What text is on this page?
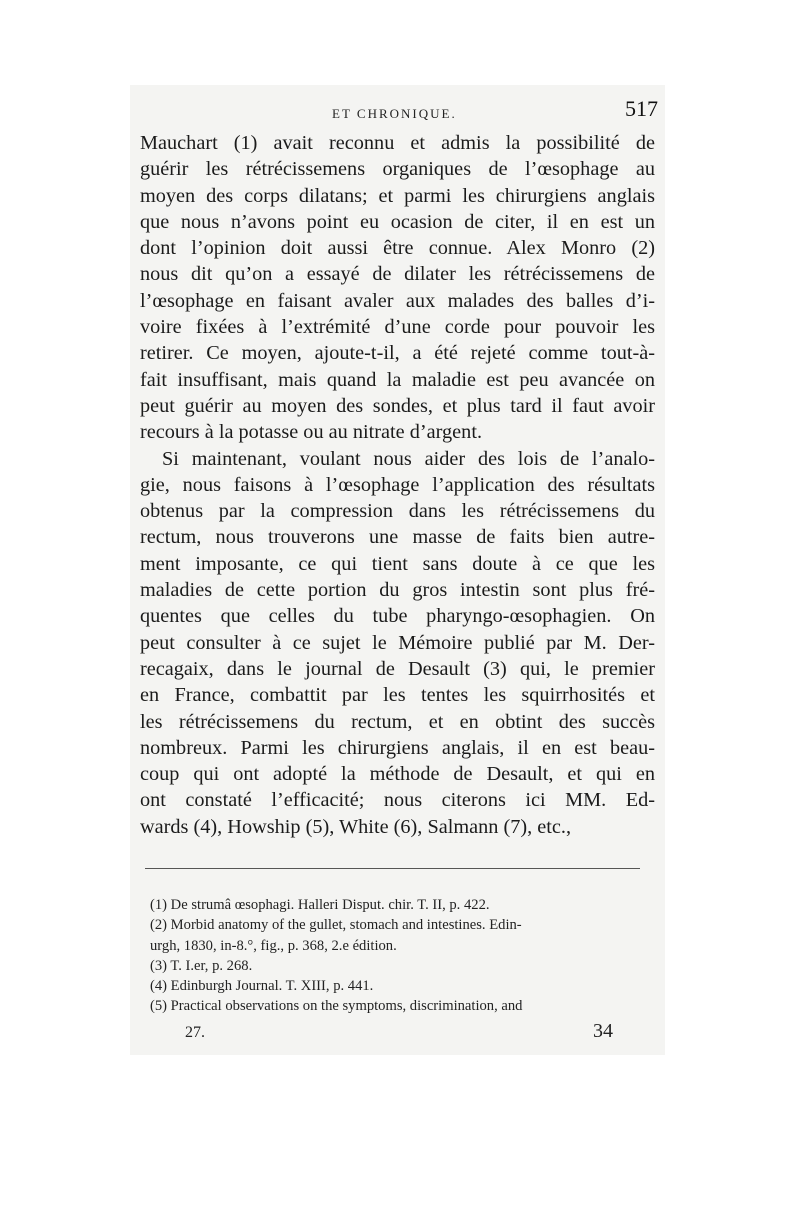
ET CHRONIQUE.	517
Mauchart (1) avait reconnu et admis la possibilité de
guérir les rétrécissemens organiques de l’œsophage au
moyen des corps dilatans; et parmi les chirurgiens anglais
que nous n’avons point eu ocasion de citer, il en est un
dont l’opinion doit aussi être connue. Alex Monro (2)
nous dit qu’on a essayé de dilater les rétrécissemens de
l’œsophage en faisant avaler aux malades des balles d’i-
voire fixées à l’extrémité d’une corde pour pouvoir les
retirer. Ce moyen, ajoute-t-il, a été rejeté comme tout-à-
fait insuffisant, mais quand la maladie est peu avancée on
peut guérir au moyen des sondes, et plus tard il faut avoir
recours à la potasse ou au nitrate d’argent.
Si maintenant, voulant nous aider des lois de l’analo-
gie, nous faisons à l’œsophage l’application des résultats
obtenus par la compression dans les rétrécissemens du
rectum, nous trouverons une masse de faits bien autre-
ment imposante, ce qui tient sans doute à ce que les
maladies de cette portion du gros intestin sont plus fré-
quentes que celles du tube pharyngo-œsophagien. On
peut consulter à ce sujet le Mémoire publié par M. Der-
recagaix, dans le journal de Desault (3) qui, le premier
en France, combattit par les tentes les squirrhosités et
les rétrécissemens du rectum, et en obtint des succès
nombreux. Parmi les chirurgiens anglais, il en est beau-
coup qui ont adopté la méthode de Desault, et qui en
ont constaté l’efficacité; nous citerons ici MM. Ed-
wards (4), Howship (5), White (6), Salmann (7), etc.,
(1) De strumâ œsophagi. Halleri Disput. chir. T. II, p. 422.
(2) Morbid anatomy of the gullet, stomach and intestines. Edin-
urgh, 1830, in-8.°, fig., p. 368, 2.e édition.
(3) T. I.er, p. 268.
(4) Edinburgh Journal. T. XIII, p. 441.
(5) Practical observations on the symptoms, discrimination, and
27.	34
